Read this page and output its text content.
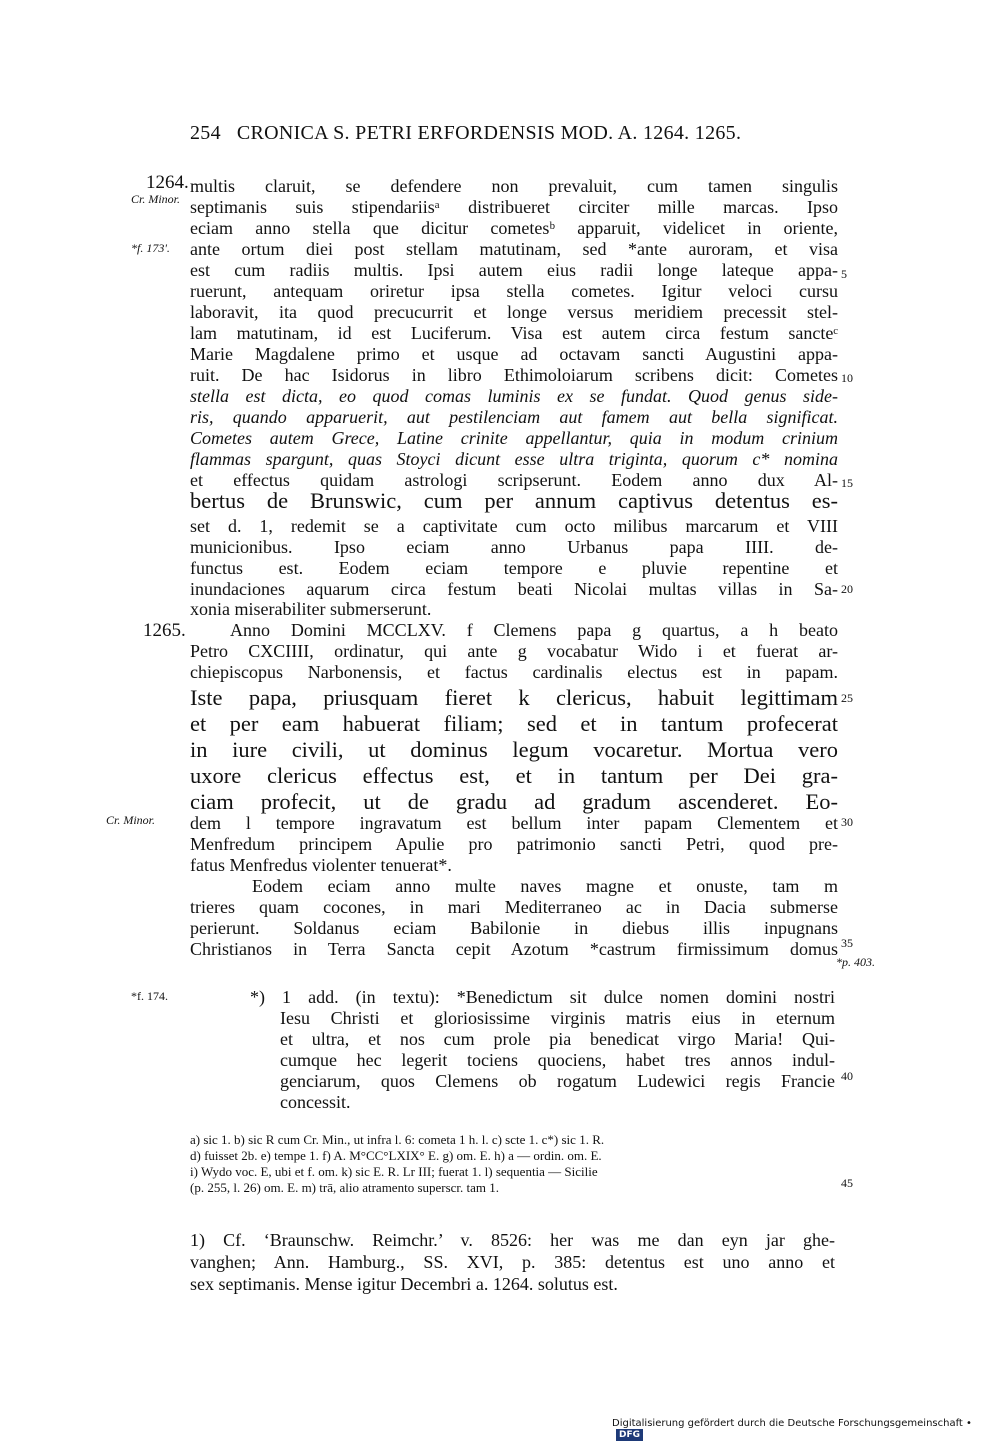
254 CRONICA S. PETRI ERFORDENSIS MOD. A. 1264. 1265.
1264.
Cr. Minor.
*f. 173'.
1265.
Cr. Minor.
*p. 403.
*f. 174.
5
10
15
20
25
30
35
40
45
multis claruit, se defendere non prevaluit, cum tamen singulis
septimanis suis stipendariisᵃ distribueret circiter mille marcas. Ipso
eciam anno stella que dicitur cometesᵇ apparuit, videlicet in oriente,
ante ortum diei post stellam matutinam, sed *ante auroram, et visa
est cum radiis multis. Ipsi autem eius radii longe lateque appa-
ruerunt, antequam oriretur ipsa stella cometes. Igitur veloci cursu
laboravit, ita quod precucurrit et longe versus meridiem precessit stel-
lam matutinam, id est Luciferum. Visa est autem circa festum sancteᶜ
Marie Magdalene primo et usque ad octavam sancti Augustini appa-
ruit. De hac Isidorus in libro Ethimoloiarum scribens dicit: Cometes
stella est dicta, eo quod comas luminis ex se fundat. Quod genus side-
ris, quando apparuerit, aut pestilenciam aut famem aut bella significat.
Cometes autem Grece, Latine crinite appellantur, quia in modum crinium
flammas spargunt, quas Stoyci dicunt esse ultra triginta, quorum c* nomina
et effectus quidam astrologi scripserunt. Eodem anno dux Al-
bertus de Brunswic, cum per annum captivus detentus es-
set d. 1, redemit se a captivitate cum octo milibus marcarum et VIII
municionibus. Ipso eciam anno Urbanus papa IIII. de-
functus est. Eodem eciam tempore e pluvie repentine et
inundaciones aquarum circa festum beati Nicolai multas villas in Sa-
xonia miserabiliter submerserunt.
Anno Domini MCCLXV. f Clemens papa g quartus, a h beato
Petro CXCIIII, ordinatur, qui ante g vocabatur Wido i et fuerat ar-
chiepiscopus Narbonensis, et factus cardinalis electus est in papam.
Iste papa, priusquam fieret k clericus, habuit legittimam
et per eam habuerat filiam; sed et in tantum profecerat
in iure civili, ut dominus legum vocaretur. Mortua vero
uxore clericus effectus est, et in tantum per Dei gra-
ciam profecit, ut de gradu ad gradum ascenderet. Eo-
dem l tempore ingravatum est bellum inter papam Clementem et
Menfredum principem Apulie pro patrimonio sancti Petri, quod pre-
fatus Menfredus violenter tenuerat*.
Eodem eciam anno multe naves magne et onuste, tam m
trieres quam cocones, in mari Mediterraneo ac in Dacia submerse
perierunt. Soldanus eciam Babilonie in diebus illis inpugnans
Christianos in Terra Sancta cepit Azotum *castrum firmissimum domus
*) 1 add. (in textu): *Benedictum sit dulce nomen domini nostri
Iesu Christi et gloriosissime virginis matris eius in eternum
et ultra, et nos cum prole pia benedicat virgo Maria! Qui-
cumque hec legerit tociens quociens, habet tres annos indul-
genciarum, quos Clemens ob rogatum Ludewici regis Francie
concessit.
a) sic 1. b) sic R cum Cr. Min., ut infra l. 6: cometa 1 h. l. c) scte 1. c*) sic 1. R.
d) fuisset 2b. e) tempe 1. f) A. M°CC°LXIX° E. g) om. E. h) a — ordin. om. E.
i) Wydo voc. E, ubi et f. om. k) sic E. R. Lr III; fuerat 1. l) sequentia — Sicilie
(p. 255, l. 26) om. E. m) trā, alio atramento superscr. tam 1.
1) Cf. ‘Braunschw. Reimchr.’ v. 8526: her was me dan eyn jar ghe-
vanghen; Ann. Hamburg., SS. XVI, p. 385: detentus est uno anno et
sex septimanis. Mense igitur Decembri a. 1264. solutus est.
Digitalisierung gefördert durch die Deutsche Forschungsgemeinschaft •DFG
